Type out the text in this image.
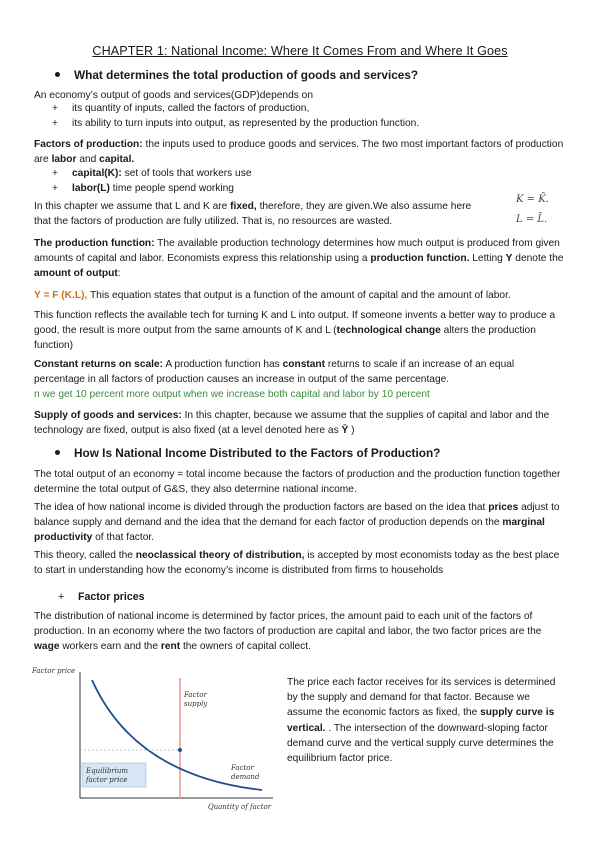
CHAPTER 1: National Income: Where It Comes From and Where It Goes
What determines the total production of goods and services?
An economy’s output of goods and services(GDP)depends on
+ its quantity of inputs, called the factors of production,
+ its ability to turn inputs into output, as represented by the production function.
Factors of production: the inputs used to produce goods and services. The two most important factors of production are labor and capital.
+ capital(K): set of tools that workers use
+ labor(L) time people spend working
In this chapter we assume that L and K are fixed, therefore, they are given.We also assume here that the factors of production are fully utilized. That is, no resources are wasted.
K = K̄.
L = L̄.
The production function: The available production technology determines how much output is produced from given amounts of capital and labor. Economists express this relationship using a production function. Letting Y denote the amount of output:
Y = F (K.L), This equation states that output is a function of the amount of capital and the amount of labor.
This function reflects the available tech for turning K and L into output. If someone invents a better way to produce a good, the result is more output from the same amounts of K and L (technological change alters the production function)
Constant returns on scale: A production function has constant returns to scale if an increase of an equal percentage in all factors of production causes an increase in output of the same percentage.
n we get 10 percent more output when we increase both capital and labor by 10 percent
Supply of goods and services: In this chapter, because we assume that the supplies of capital and labor and the technology are fixed, output is also fixed (at a level denoted here as Ȳ )
How Is National Income Distributed to the Factors of Production?
The total output of an economy = total income because the factors of production and the production function together determine the total output of G&S, they also determine national income.
The idea of how national income is divided through the production factors are based on the idea that prices adjust to balance supply and demand and the idea that the demand for each factor of production depends on the marginal productivity of that factor.
This theory, called the neoclassical theory of distribution, is accepted by most economists today as the best place to start in understanding how the economy’s income is distributed from firms to households
+ Factor prices
The distribution of national income is determined by factor prices, the amount paid to each unit of the factors of production. In an economy where the two factors of production are capital and labor, the two factor prices are the wage workers earn and the rent the owners of capital collect.
Factor price
Quantity of factor
Factor
supply
Factor
demand
Equilibrium
factor price
The price each factor receives for its services is determined by the supply and demand for that factor. Because we assume the economic factors as fixed, the supply curve is vertical. . The intersection of the downward-sloping factor demand curve and the vertical supply curve determines the equilibrium factor price.
